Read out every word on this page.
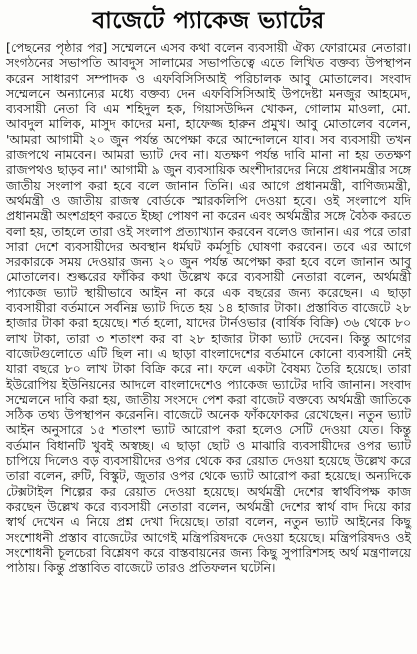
বাজেটে প্যাকেজ ভ্যাটের

[পেছনের পৃষ্ঠার পর] সম্মেলনে এসব কথা বলেন ব্যবসায়ী ঐক্য ফোরামের নেতারা। সংগঠনের সভাপতি আবদুস সালামের সভাপতিত্বে এতে লিখিত বক্তব্য উপস্থাপন করেন সাধারণ সম্পাদক ও এফবিসিসিআই পরিচালক আবু মোতালেব। সংবাদ সম্মেলনে অন্যান্যের মধ্যে বক্তব্য দেন এফবিসিসিআই উপদেষ্টা মনজুর আহমেদ, ব্যবসায়ী নেতা বি এম শহিদুল হক, গিয়াসউদ্দিন খোকন, গোলাম মাওলা, মো. আবদুল মালিক, মাসুদ কাদের মনা, হাফেজ্জ হারুন প্রমুখ। আবু মোতালেব বলেন, 'আমরা আগামী ২০ জুন পর্যন্ত অপেক্ষা করে আন্দোলনে যাব। সব ব্যবসায়ী তখন রাজপথে নামবেন। আমরা ভ্যাট দেব না। যতক্ষণ পর্যন্ত দাবি মানা না হয় ততক্ষণ রাজপথও ছাড়ব না।' আগামী ৯ জুন ব্যবসায়িক অংশীদারদের নিয়ে প্রধানমন্ত্রীর সঙ্গে জাতীয় সংলাপ করা হবে বলে জানান তিনি। এর আগে প্রধানমন্ত্রী, বাণিজ্যমন্ত্রী, অর্থমন্ত্রী ও জাতীয় রাজস্ব বোর্ডকে স্মারকলিপি দেওয়া হবে। ওই সংলাপে যদি প্রধানমন্ত্রী অংশগ্রহণ করতে ইচ্ছা পোষণ না করেন এবং অর্থমন্ত্রীর সঙ্গে বৈঠক করতে বলা হয়, তাহলে তারা ওই সংলাপ প্রত্যাখ্যান করবেন বলেও জানান। এর পরে তারা সারা দেশে ব্যবসায়ীদের অবস্থান ধর্মঘট কর্মসূচি ঘোষণা করবেন। তবে এর আগে সরকারকে সময় দেওয়ার জন্য ২০ জুন পর্যন্ত অপেক্ষা করা হবে বলে জানান আবু মোতালেব। শুল্করের ফাঁকির কথা উল্লেখ করে ব্যবসায়ী নেতারা বলেন, অর্থমন্ত্রী প্যাকেজ ভ্যাট স্থায়ীভাবে আইন না করে এক বছরের জন্য করেছেন। এ ছাড়া ব্যবসায়ীরা বর্তমানে সর্বনিম্ন ভ্যাট দিতে হয় ১৪ হাজার টাকা। প্রস্তাবিত বাজেটে ২৮ হাজার টাকা করা হয়েছে। শর্ত হলো, যাদের টার্নওভার (বার্ষিক বিক্রি) ৩৬ থেকে ৮০ লাখ টাকা, তারা ৩ শতাংশ কর বা ২৮ হাজার টাকা ভ্যাট দেবেন। কিন্তু আগের বাজেটগুলোতে এটি ছিল না। এ ছাড়া বাংলাদেশের বর্তমানে কোনো ব্যবসায়ী নেই যারা বছরে ৮০ লাখ টাকা বিক্রি করে না। ফলে একটা বৈষম্য তৈরি হয়েছে। তারা ইউরোপিয় ইউনিয়নের আদলে বাংলাদেশেও প্যাকেজ ভ্যাটের দাবি জানান। সংবাদ সম্মেলনে দাবি করা হয়, জাতীয় সংসদে পেশ করা বাজেট বক্তব্যে অর্থমন্ত্রী জাতিকে সঠিক তথ্য উপস্থাপন করেননি। বাজেটে অনেক ফাঁকফোকর রেখেছেন। নতুন ভ্যাট আইন অনুসারে ১৫ শতাংশ ভ্যাট আরোপ করা হলেও সেটি দেওয়া যেত। কিন্তু বর্তমান বিধানটি খুবই অস্বচ্ছ। এ ছাড়া ছোট ও মাঝারি ব্যবসায়ীদের ওপর ভ্যাট চাপিয়ে দিলেও বড় ব্যবসায়ীদের ওপর থেকে কর রেয়াত দেওয়া হয়েছে উল্লেখ করে তারা বলেন, রুটি, বিস্কুট, জুতার ওপর থেকে ভ্যাট আরোপ করা হয়েছে। অন্যদিকে টেক্সটাইল শিল্পের কর রেয়াত দেওয়া হয়েছে। অর্থমন্ত্রী দেশের স্বার্থবিপক্ষ কাজ করছেন উল্লেখ করে ব্যবসায়ী নেতারা বলেন, অর্থমন্ত্রী দেশের স্বার্থ বাদ দিয়ে কার স্বার্থ দেখেন এ নিয়ে প্রশ্ন দেখা দিয়েছে। তারা বলেন, নতুন ভ্যাট আইনের কিছু সংশোধনী প্রস্তাব বাজেটের আগেই মন্ত্রিপরিষদকে দেওয়া হয়েছে। মন্ত্রিপরিষদও ওই সংশোধনী চূলচেরা বিশ্লেষণ করে বাস্তবায়নের জন্য কিছু সুপারিশসহ অর্থ মন্ত্রণালয়ে পাঠায়। কিন্তু প্রস্তাবিত বাজেটে তারও প্রতিফলন ঘটেনি।
